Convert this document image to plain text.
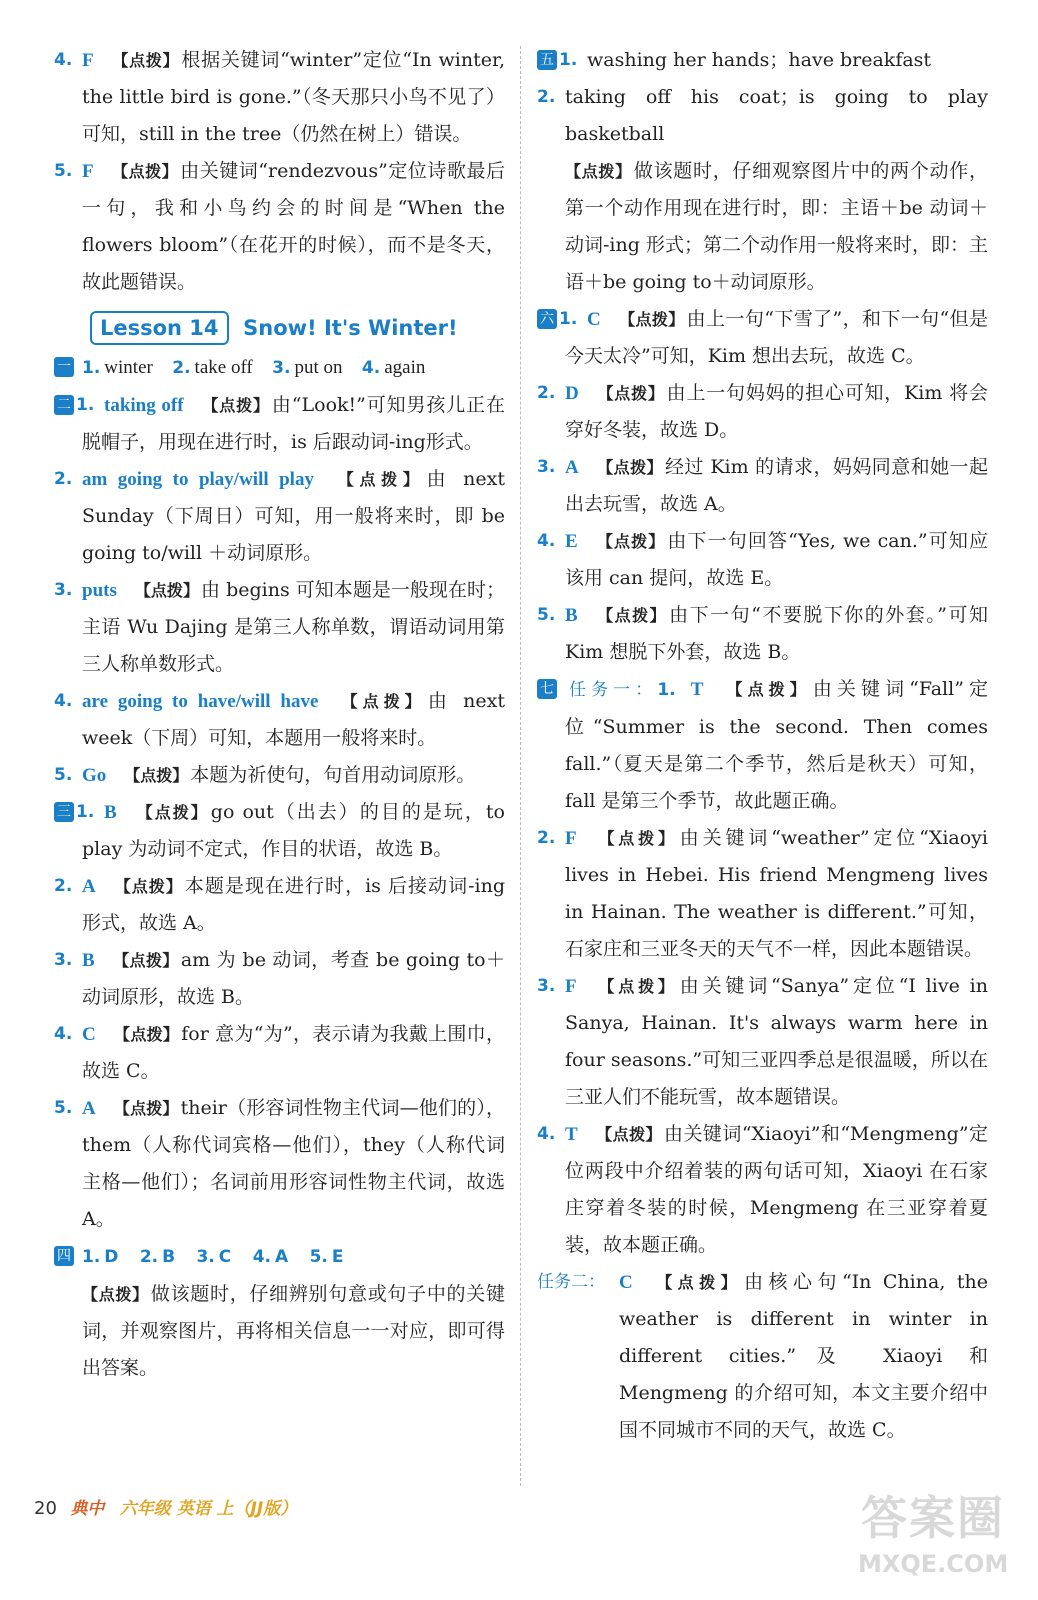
4. F 【点拨】 根据关键词“winter”定位“In winter, the little bird is gone.”（冬天那只小鸟不见了）可知，still in the tree（仍然在树上）错误。
5. F 【点拨】 由关键词“rendezvous”定位诗歌最后一句，我和小鸟约会的时间是“When the flowers bloom”（在花开的时候），而不是冬天，故此题错误。
Lesson 14 Snow! It's Winter!
一 1. winter 2. take off 3. put on 4. again
二 1. taking off 【点拨】 由“Look!”可知男孩儿正在脱帽子，用现在进行时，is 后跟动词-ing形式。
2. am going to play/will play 【点拨】 由 next Sunday（下周日）可知，用一般将来时，即 be going to/will ＋动词原形。
3. puts 【点拨】 由 begins 可知本题是一般现在时；主语 Wu Dajing 是第三人称单数，谓语动词用第三人称单数形式。
4. are going to have/will have 【点拨】 由 next week（下周）可知，本题用一般将来时。
5. Go 【点拨】 本题为祈使句，句首用动词原形。
三 1. B 【点拨】 go out（出去）的目的是玩，to play 为动词不定式，作目的状语，故选 B。
2. A 【点拨】 本题是现在进行时，is 后接动词-ing 形式，故选 A。
3. B 【点拨】 am 为 be 动词，考查 be going to＋动词原形，故选 B。
4. C 【点拨】 for 意为“为”，表示请为我戴上围巾，故选 C。
5. A 【点拨】 their（形容词性物主代词—他们的），them（人称代词宾格—他们），they（人称代词主格—他们）；名词前用形容词性物主代词，故选 A。
四 1. D 2. B 3. C 4. A 5. E
【点拨】 做该题时，仔细辨别句意或句子中的关键词，并观察图片，再将相关信息一一对应，即可得出答案。
五 1. washing her hands；have breakfast
2. taking off his coat；is going to play basketball
【点拨】 做该题时，仔细观察图片中的两个动作，第一个动作用现在进行时，即：主语＋be 动词＋动词-ing 形式；第二个动作用一般将来时，即：主语＋be going to＋动词原形。
六 1. C 【点拨】 由上一句“下雪了”，和下一句“但是今天太冷”可知，Kim 想出去玩，故选 C。
2. D 【点拨】 由上一句妈妈的担心可知，Kim 将会穿好冬装，故选 D。
3. A 【点拨】 经过 Kim 的请求，妈妈同意和她一起出去玩雪，故选 A。
4. E 【点拨】 由下一句回答“Yes, we can.”可知应该用 can 提问，故选 E。
5. B 【点拨】 由下一句“不要脱下你的外套。”可知 Kim 想脱下外套，故选 B。
七 任务一：1. T 【点拨】 由关键词“Fall”定位“Summer is the second. Then comes fall.”（夏天是第二个季节，然后是秋天）可知，fall 是第三个季节，故此题正确。
2. F 【点拨】 由关键词“weather”定位“Xiaoyi lives in Hebei. His friend Mengmeng lives in Hainan. The weather is different.”可知，石家庄和三亚冬天的天气不一样，因此本题错误。
3. F 【点拨】 由关键词“Sanya”定位“I live in Sanya, Hainan. It's always warm here in four seasons.”可知三亚四季总是很温暖，所以在三亚人们不能玩雪，故本题错误。
4. T 【点拨】 由关键词“Xiaoyi”和“Mengmeng”定位两段中介绍着装的两句话可知，Xiaoyi 在石家庄穿着冬装的时候，Mengmeng 在三亚穿着夏装，故本题正确。
任务二： C 【点拨】 由核心句“In China, the weather is different in winter in different cities.”及 Xiaoyi 和 Mengmeng 的介绍可知，本文主要介绍中国不同城市不同的天气，故选 C。
20 典中 六年级 英语 上（JJ版）	答案圈
MXQE.COM
